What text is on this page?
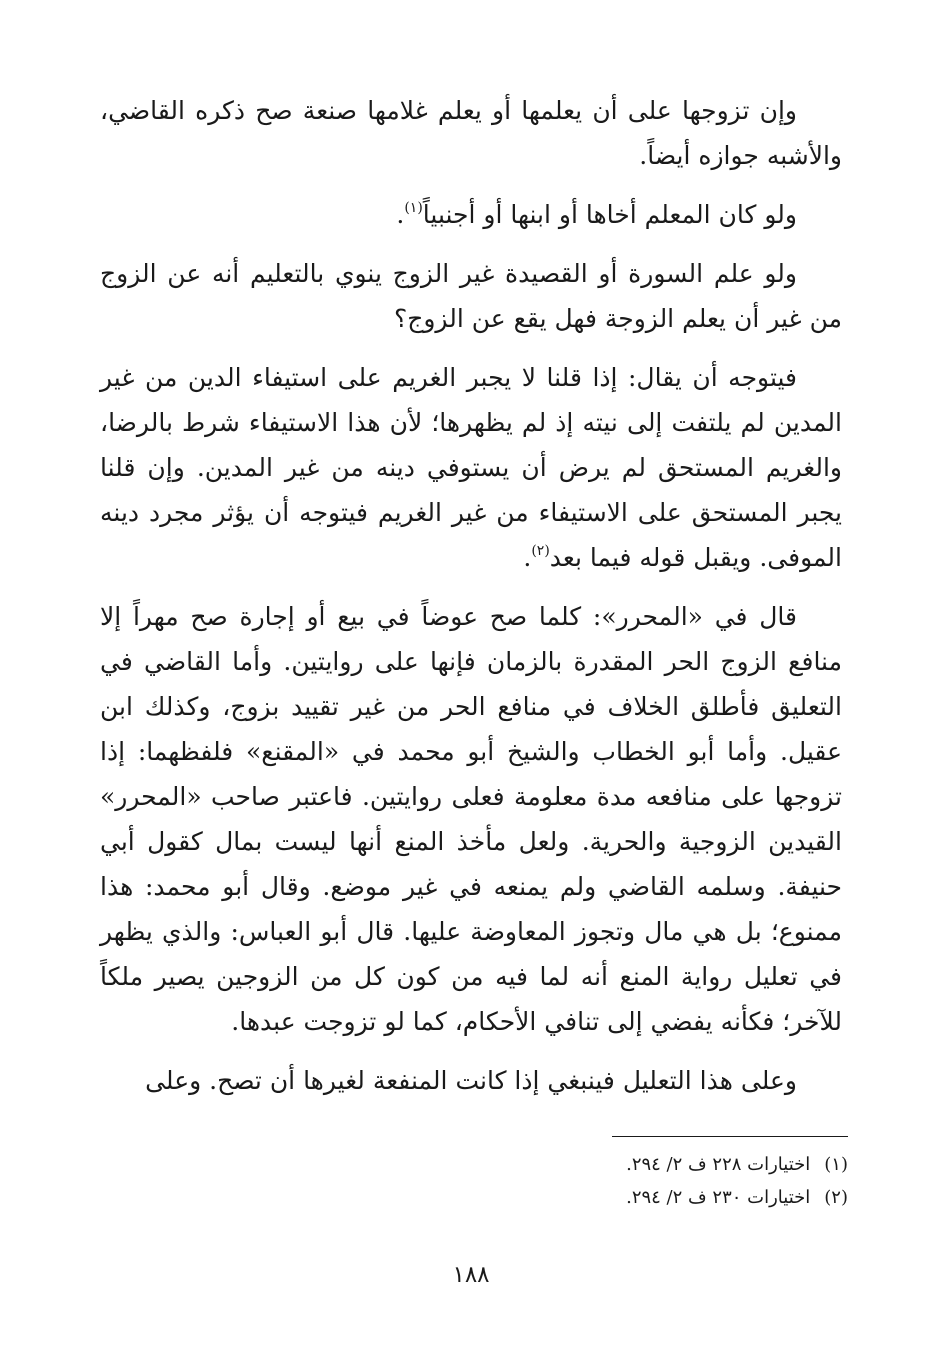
وإن تزوجها على أن يعلمها أو يعلم غلامها صنعة صح ذكره القاضي، والأشبه جوازه أيضاً.

ولو كان المعلم أخاها أو ابنها أو أجنبياً$^{(١)}$.

ولو علم السورة أو القصيدة غير الزوج ينوي بالتعليم أنه عن الزوج من غير أن يعلم الزوجة فهل يقع عن الزوج؟

فيتوجه أن يقال: إذا قلنا لا يجبر الغريم على استيفاء الدين من غير المدين لم يلتفت إلى نيته إذ لم يظهرها؛ لأن هذا الاستيفاء شرط بالرضا، والغريم المستحق لم يرض أن يستوفي دينه من غير المدين. وإن قلنا يجبر المستحق على الاستيفاء من غير الغريم فيتوجه أن يؤثر مجرد دينه الموفى. ويقبل قوله فيما بعد$^{(٢)}$.

قال في «المحرر»: كلما صح عوضاً في بيع أو إجارة صح مهراً إلا منافع الزوج الحر المقدرة بالزمان فإنها على روايتين. وأما القاضي في التعليق فأطلق الخلاف في منافع الحر من غير تقييد بزوج، وكذلك ابن عقيل. وأما أبو الخطاب والشيخ أبو محمد في «المقنع» فلفظهما: إذا تزوجها على منافعه مدة معلومة فعلى روايتين. فاعتبر صاحب «المحرر» القيدين الزوجية والحرية. ولعل مأخذ المنع أنها ليست بمال كقول أبي حنيفة. وسلمه القاضي ولم يمنعه في غير موضع. وقال أبو محمد: هذا ممنوع؛ بل هي مال وتجوز المعاوضة عليها. قال أبو العباس: والذي يظهر في تعليل رواية المنع أنه لما فيه من كون كل من الزوجين يصير ملكاً للآخر؛ فكأنه يفضي إلى تنافي الأحكام، كما لو تزوجت عبدها.

وعلى هذا التعليل فينبغي إذا كانت المنفعة لغيرها أن تصح. وعلى

(١)اختيارات ٢٢٨ ف ٢/ ٢٩٤.

(٢)اختيارات ٢٣٠ ف ٢/ ٢٩٤.

١٨٨
